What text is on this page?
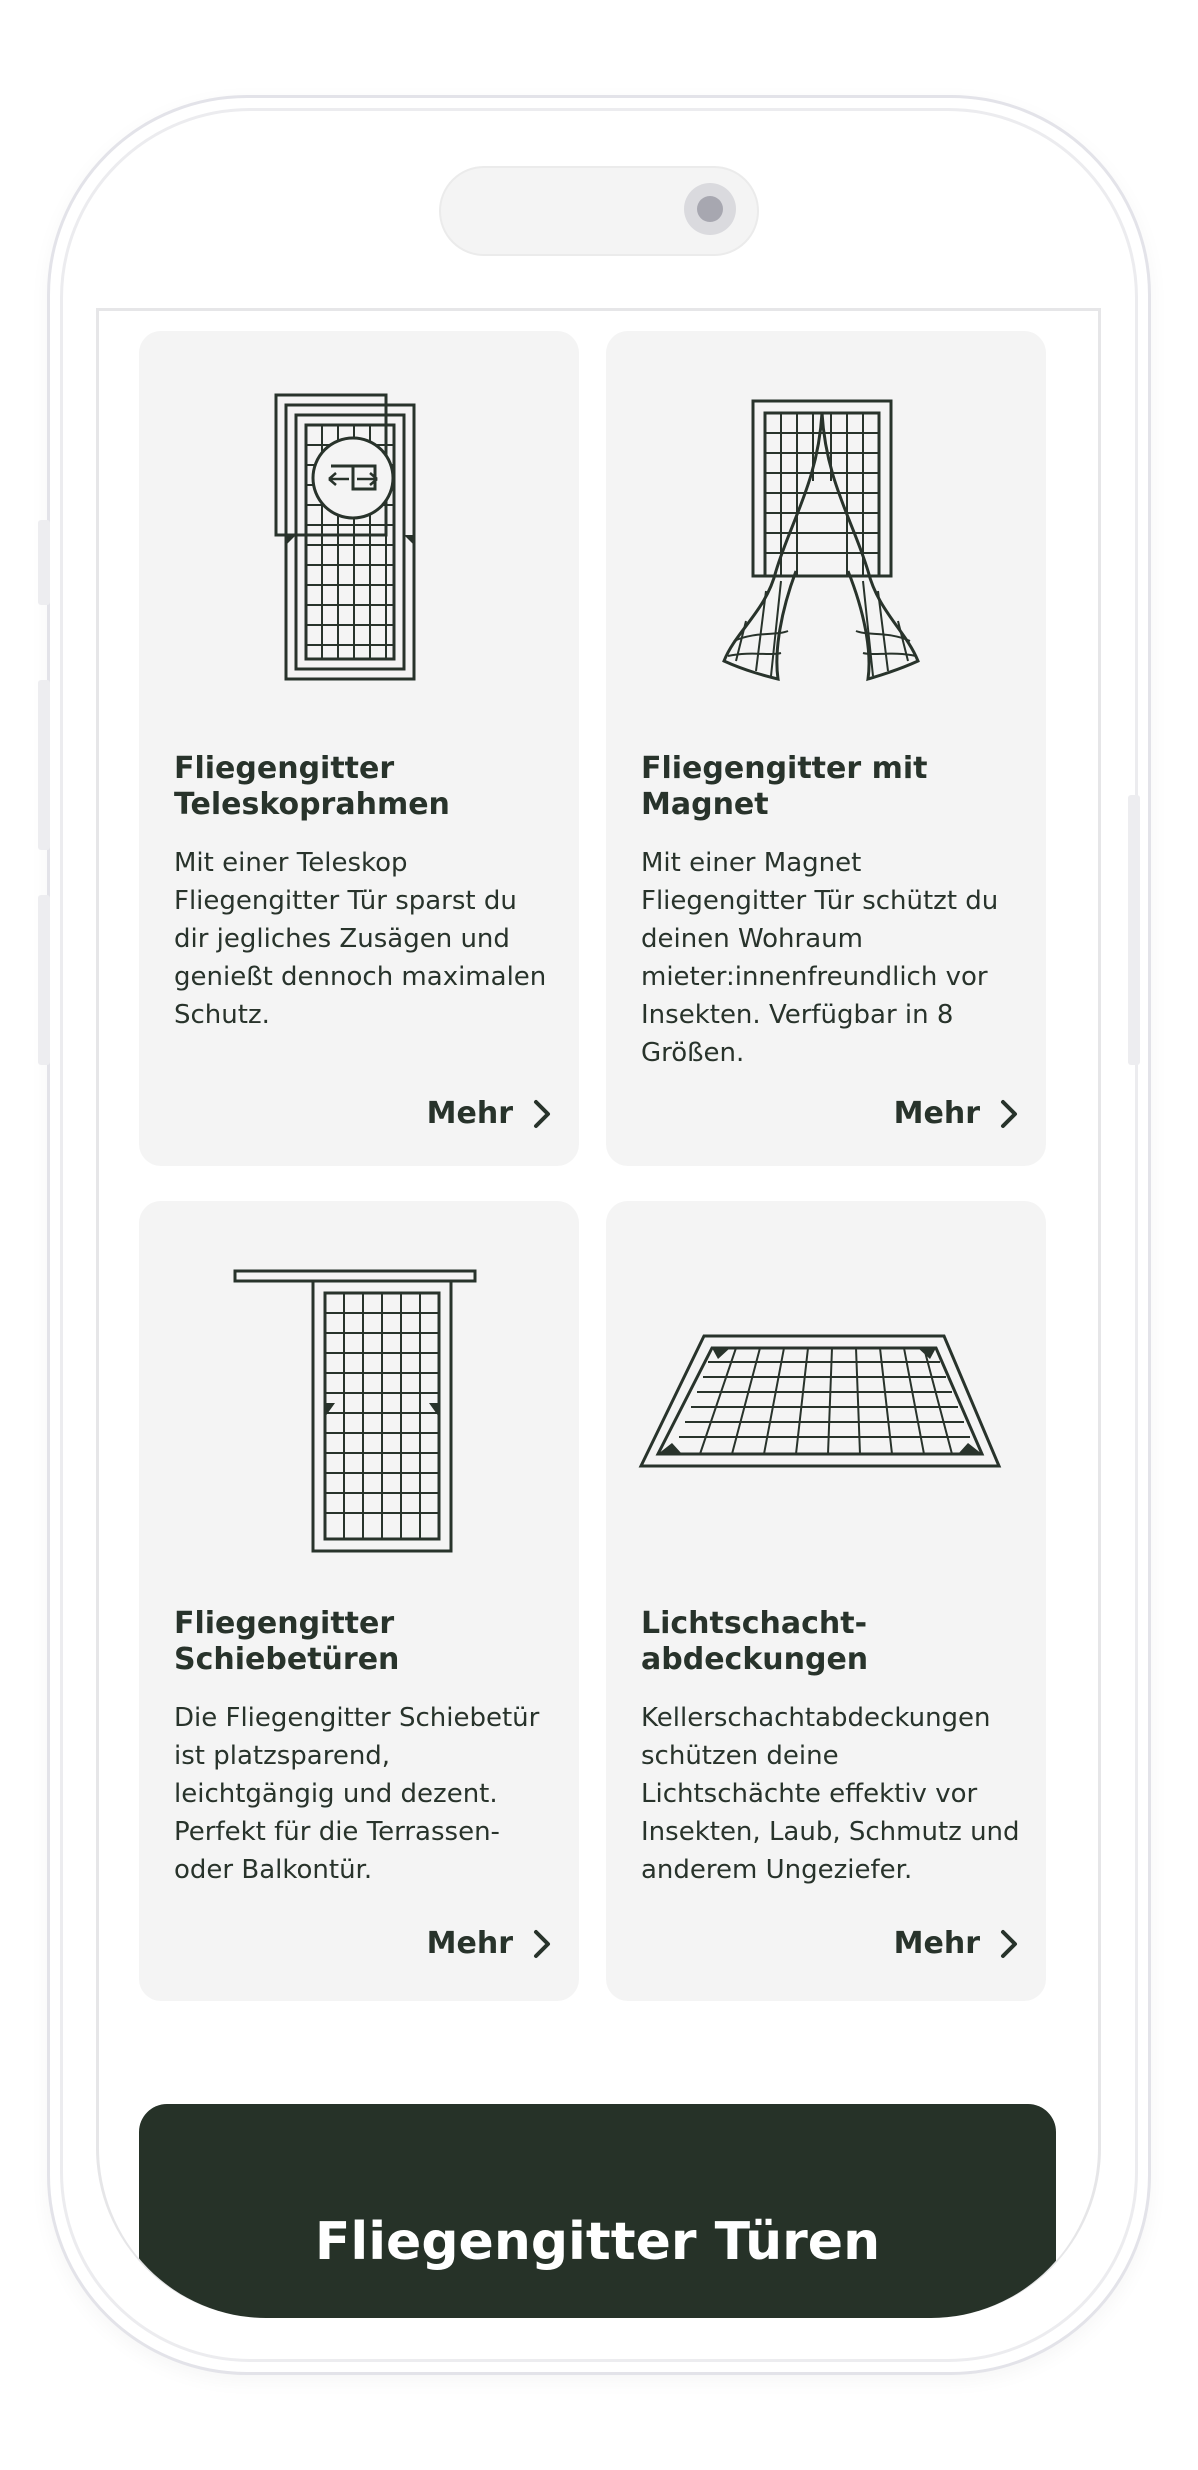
Fliegengitter Teleskoprahmen

Mit einer Teleskop Fliegengitter Tür sparst du dir jegliches Zusägen und genießt dennoch maximalen Schutz.

Mehr
Fliegengitter mit Magnet

Mit einer Magnet Fliegengitter Tür schützt du deinen Wohraum mieter:innenfreundlich vor Insekten. Verfügbar in 8 Größen.

Mehr
Fliegengitter Schiebetüren

Die Fliegengitter Schiebetür ist platzsparend, leichtgängig und dezent. Perfekt für die Terrassen- oder Balkontür.

Mehr
Lichtschacht-abdeckungen

Kellerschachtabdeckungen schützen deine Lichtschächte effektiv vor Insekten, Laub, Schmutz und anderem Ungeziefer.

Mehr
Fliegengitter Türen
